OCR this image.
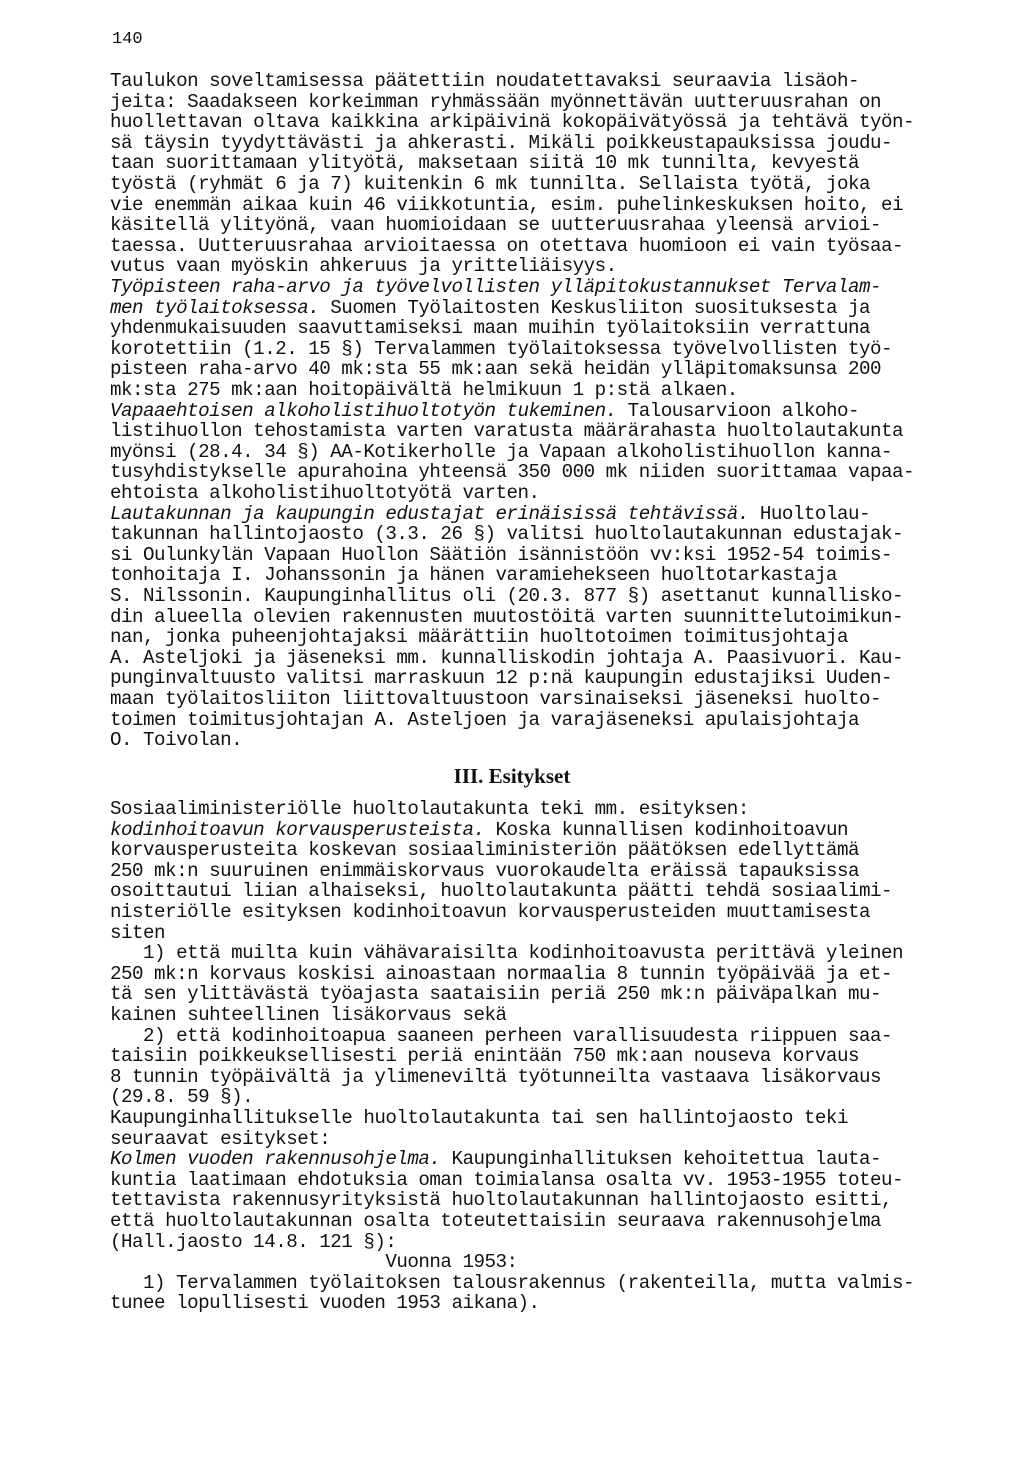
140
Taulukon soveltamisessa päätettiin noudatettavaksi seuraavia lisäoh-
jeita: Saadakseen korkeimman ryhmässään myönnettävän uutteruusrahan on
huollettavan oltava kaikkina arkipäivinä kokopäivätyössä ja tehtävä työn-
sä täysin tyydyttävästi ja ahkerasti. Mikäli poikkeustapauksissa joudu-
taan suorittamaan ylityötä, maksetaan siitä 10 mk tunnilta, kevyestä
työstä (ryhmät 6 ja 7) kuitenkin 6 mk tunnilta. Sellaista työtä, joka
vie enemmän aikaa kuin 46 viikkotuntia, esim. puhelinkeskuksen hoito, ei
käsitellä ylityönä, vaan huomioidaan se uutteruusrahaa yleensä arvioi-
taessa. Uutteruusrahaa arvioitaessa on otettava huomioon ei vain työsaa-
vutus vaan myöskin ahkeruus ja yritteliäisyys.
Työpisteen raha-arvo ja työvelvollisten ylläpitokustannukset Tervalam-
men työlaitoksessa. Suomen Työlaitosten Keskusliiton suosituksesta ja
yhdenmukaisuuden saavuttamiseksi maan muihin työlaitoksiin verrattuna
korotettiin (1.2. 15 §) Tervalammen työlaitoksessa työvelvollisten työ-
pisteen raha-arvo 40 mk:sta 55 mk:aan sekä heidän ylläpitomaksunsa 200
mk:sta 275 mk:aan hoitopäivältä helmikuun 1 p:stä alkaen.
Vapaaehtoisen alkoholistihuoltotyön tukeminen. Talousarvioon alkoho-
listihuollon tehostamista varten varatusta määrärahasta huoltolautakunta
myönsi (28.4. 34 §) AA-Kotikerholle ja Vapaan alkoholistihuollon kanna-
tusyhdistykselle apurahoina yhteensä 350 000 mk niiden suorittamaa vapaa-
ehtoista alkoholistihuoltotyötä varten.
Lautakunnan ja kaupungin edustajat erinäisissä tehtävissä. Huoltolau-
takunnan hallintojaosto (3.3. 26 §) valitsi huoltolautakunnan edustajak-
si Oulunkylän Vapaan Huollon Säätiön isännistöön vv:ksi 1952-54 toimis-
tonhoitaja I. Johanssonin ja hänen varamiehekseen huoltotarkastaja
S. Nilssonin. Kaupunginhallitus oli (20.3. 877 §) asettanut kunnallisko-
din alueella olevien rakennusten muutostöitä varten suunnittelutoimikun-
nan, jonka puheenjohtajaksi määrättiin huoltotoimen toimitusjohtaja
A. Asteljoki ja jäseneksi mm. kunnalliskodin johtaja A. Paasivuori. Kau-
punginvaltuusto valitsi marraskuun 12 p:nä kaupungin edustajiksi Uuden-
maan työlaitosliiton liittovaltuustoon varsinaiseksi jäseneksi huolto-
toimen toimitusjohtajan A. Asteljoen ja varajäseneksi apulaisjohtaja
O. Toivolan.
III. Esitykset
Sosiaaliministeriölle huoltolautakunta teki mm. esityksen:
kodinhoitoavun korvausperusteista. Koska kunnallisen kodinhoitoavun
korvausperusteita koskevan sosiaaliministeriön päätöksen edellyttämä
250 mk:n suuruinen enimmäiskorvaus vuorokaudelta eräissä tapauksissa
osoittautui liian alhaiseksi, huoltolautakunta päätti tehdä sosiaalimi-
nisteriölle esityksen kodinhoitoavun korvausperusteiden muuttamisesta
siten
1) että muilta kuin vähävaraisilta kodinhoitoavusta perittävä yleinen
250 mk:n korvaus koskisi ainoastaan normaalia 8 tunnin työpäivää ja et-
tä sen ylittävästä työajasta saataisiin periä 250 mk:n päiväpalkan mu-
kainen suhteellinen lisäkorvaus sekä
2) että kodinhoitoapua saaneen perheen varallisuudesta riippuen saa-
taisiin poikkeuksellisesti periä enintään 750 mk:aan nouseva korvaus
8 tunnin työpäivältä ja ylimeneviltä työtunneilta vastaava lisäkorvaus
(29.8. 59 §).
Kaupunginhallitukselle huoltolautakunta tai sen hallintojaosto teki
seuraavat esitykset:
Kolmen vuoden rakennusohjelma. Kaupunginhallituksen kehoitettua lauta-
kuntia laatimaan ehdotuksia oman toimialansa osalta vv. 1953-1955 toteu-
tettavista rakennusyrityksistä huoltolautakunnan hallintojaosto esitti,
että huoltolautakunnan osalta toteutettaisiin seuraava rakennusohjelma
(Hall.jaosto 14.8. 121 §):
Vuonna 1953:
1) Tervalammen työlaitoksen talousrakennus (rakenteilla, mutta valmis-
tunee lopullisesti vuoden 1953 aikana).
